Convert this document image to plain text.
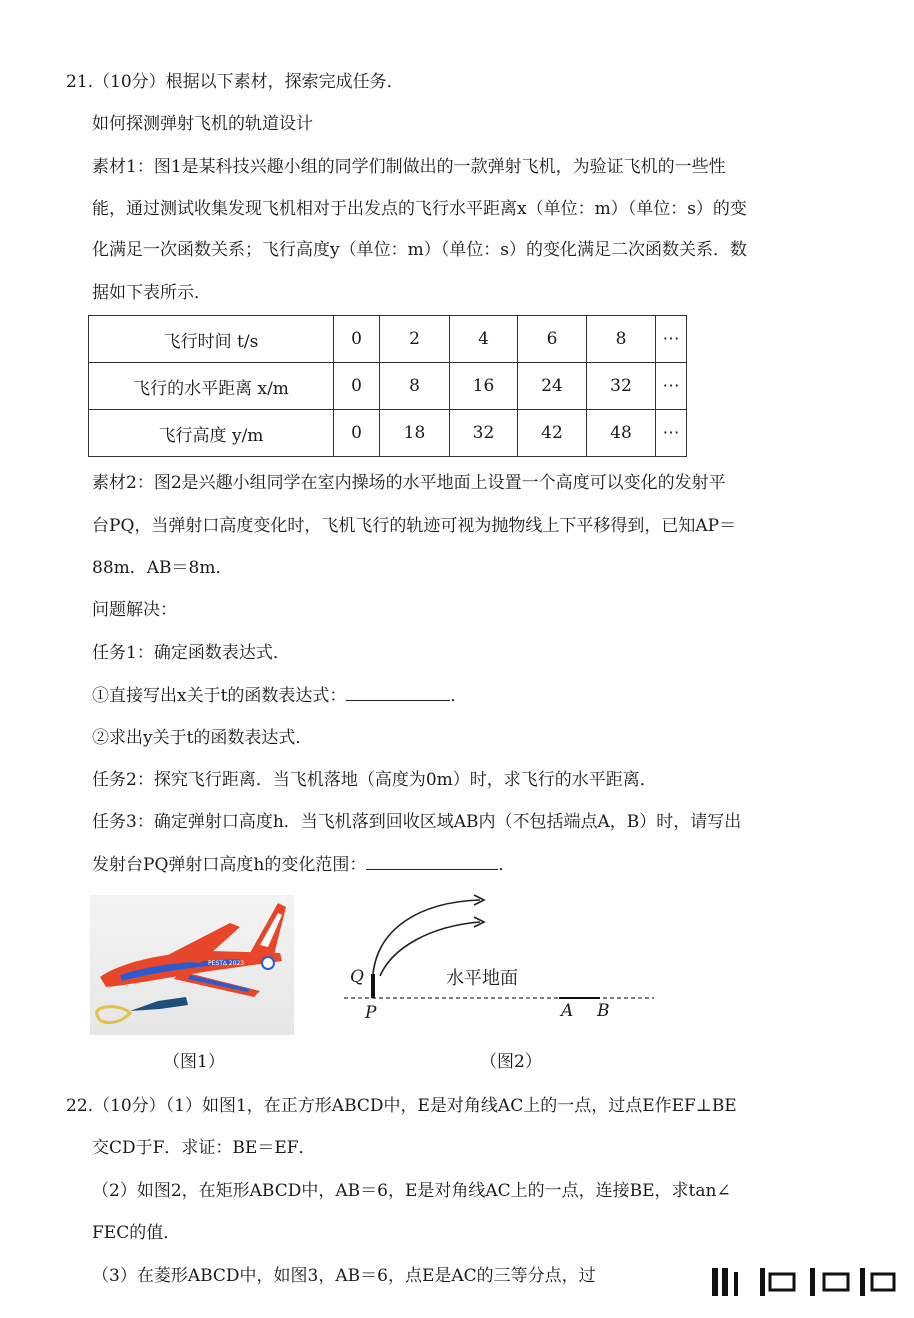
21.（10分）根据以下素材，探索完成任务．
如何探测弹射飞机的轨道设计
素材1：图1是某科技兴趣小组的同学们制做出的一款弹射飞机，为验证飞机的一些性
能，通过测试收集发现飞机相对于出发点的飞行水平距离x（单位：m）（单位：s）的变
化满足一次函数关系；飞行高度y（单位：m）（单位：s）的变化满足二次函数关系．数
据如下表所示．
飞行时间 t/s	0	2	4	6	8	⋯
飞行的水平距离 x/m	0	8	16	24	32	⋯
飞行高度 y/m	0	18	32	42	48	⋯
素材2：图2是兴趣小组同学在室内操场的水平地面上设置一个高度可以变化的发射平
台PQ，当弹射口高度变化时，飞机飞行的轨迹可视为抛物线上下平移得到，已知AP＝
88m．AB＝8m．
问题解决：
任务1：确定函数表达式．
①直接写出x关于t的函数表达式：	．
②求出y关于t的函数表达式．
任务2：探究飞行距离．当飞机落地（高度为0m）时，求飞行的水平距离．
任务3：确定弹射口高度h．当飞机落到回收区域AB内（不包括端点A，B）时，请写出
发射台PQ弹射口高度h的变化范围：	．
PEST∆ 2023
（图1）
水平地面
Q
P	A B
（图2）
22.（10分）（1）如图1，在正方形ABCD中，E是对角线AC上的一点，过点E作EF⊥BE
交CD于F．求证：BE＝EF．
（2）如图2，在矩形ABCD中，AB＝6，E是对角线AC上的一点，连接BE，求tan∠
FEC的值．
（3）在菱形ABCD中，如图3，AB＝6，点E是AC的三等分点，过
